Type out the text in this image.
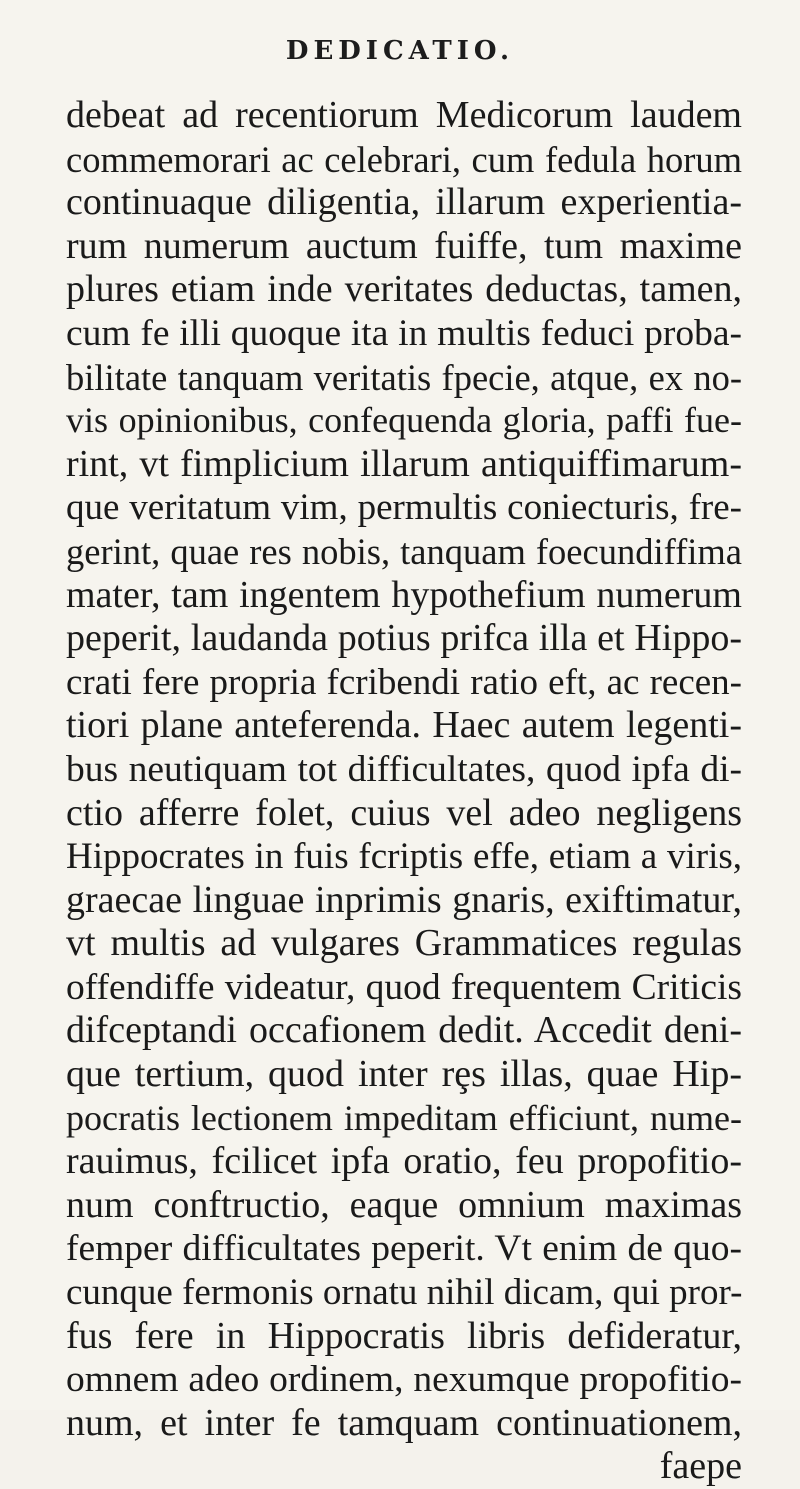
DEDICATIO.
debeat ad recentiorum Medicorum laudem
commemorari ac celebrari, cum fedula horum
continuaque diligentia, illarum experientia-
rum numerum auctum fuiffe, tum maxime
plures etiam inde veritates deductas, tamen,
cum fe illi quoque ita in multis feduci proba-
bilitate tanquam veritatis fpecie, atque, ex no-
vis opinionibus, confequenda gloria, paffi fue-
rint, vt fimplicium illarum antiquiffimarum-
que veritatum vim, permultis coniecturis, fre-
gerint, quae res nobis, tanquam foecundiffima
mater, tam ingentem hypothefium numerum
peperit, laudanda potius prifca illa et Hippo-
crati fere propria fcribendi ratio eft, ac recen-
tiori plane anteferenda. Haec autem legenti-
bus neutiquam tot difficultates, quod ipfa di-
ctio afferre folet, cuius vel adeo negligens
Hippocrates in fuis fcriptis effe, etiam a viris,
graecae linguae inprimis gnaris, exiftimatur,
vt multis ad vulgares Grammatices regulas
offendiffe videatur, quod frequentem Criticis
difceptandi occafionem dedit. Accedit deni-
que tertium, quod inter rȩs illas, quae Hip-
pocratis lectionem impeditam efficiunt, nume-
rauimus, fcilicet ipfa oratio, feu propofitio-
num conftructio, eaque omnium maximas
femper difficultates peperit. Vt enim de quo-
cunque fermonis ornatu nihil dicam, qui pror-
fus fere in Hippocratis libris defideratur,
omnem adeo ordinem, nexumque propofitio-
num, et inter fe tamquam continuationem,
faepe
